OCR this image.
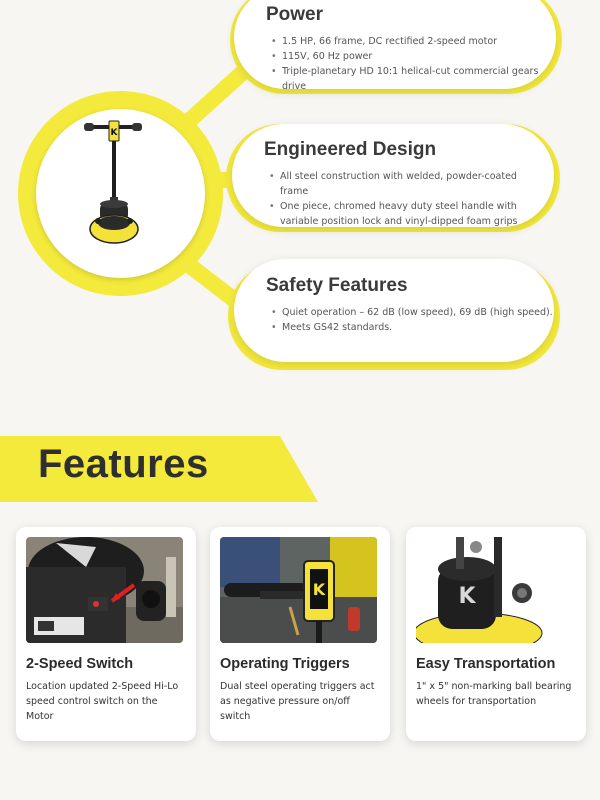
K
Power
• 1.5 HP, 66 frame, DC rectified 2-speed motor
• 115V, 60 Hz power
• Triple-planetary HD 10:1 helical-cut commercial gears drive
Engineered Design
• All steel construction with welded, powder-coated frame
• One piece, chromed heavy duty steel handle with variable position lock and vinyl-dipped foam grips
Safety Features
• Quiet operation – 62 dB (low speed), 69 dB (high speed).
• Meets GS42 standards.
Features
2-Speed Switch
Location updated 2-Speed Hi-Lo speed control switch on the Motor
K
Operating Triggers
Dual steel operating triggers act as negative pressure on/off switch
K
Easy Transportation
1" x 5" non-marking ball bearing wheels for transportation
